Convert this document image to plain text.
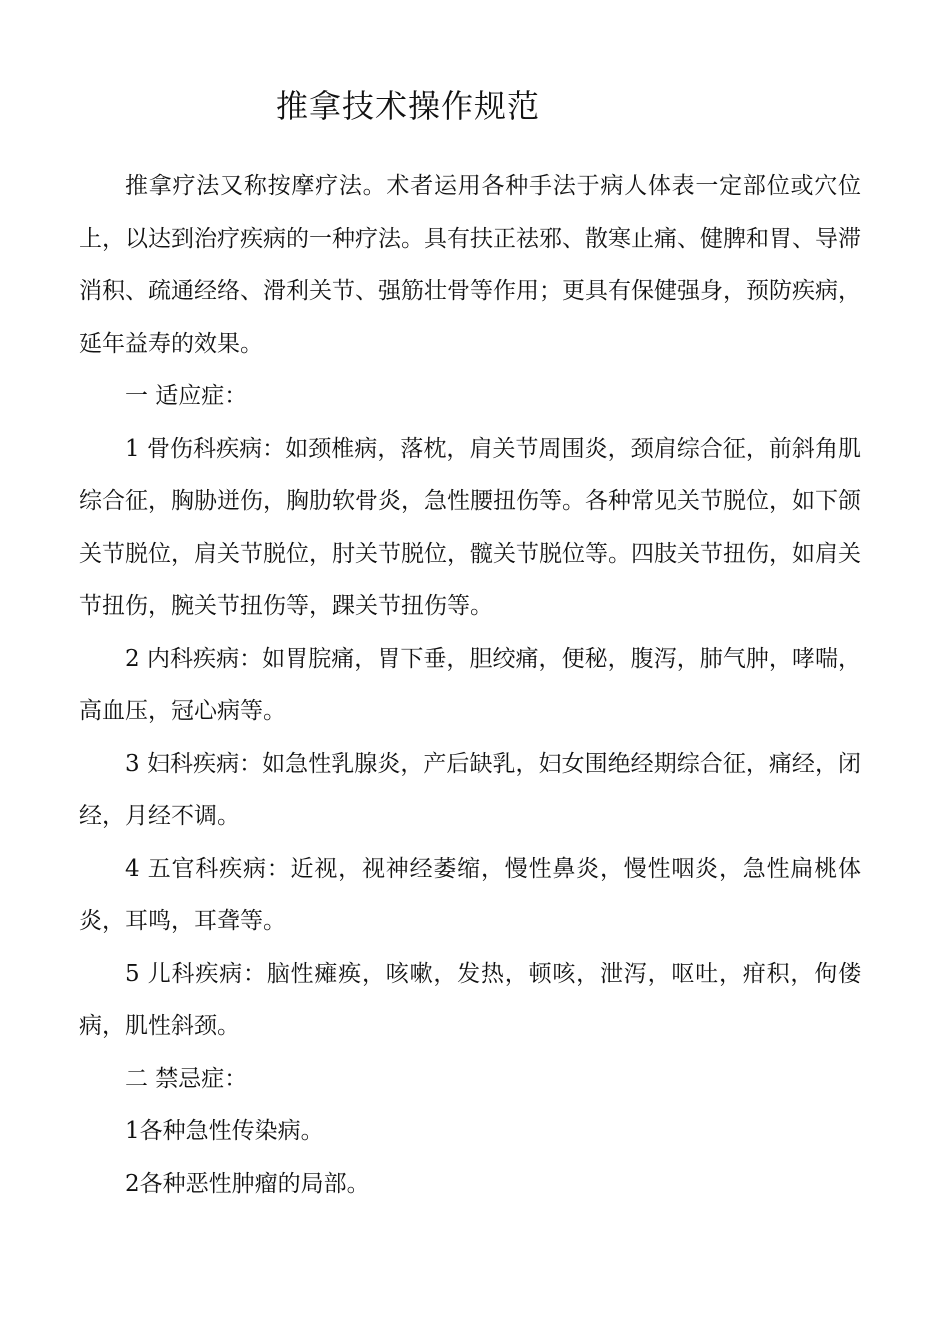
推拿技术操作规范

推拿疗法又称按摩疗法。术者运用各种手法于病人体表一定部位或穴位上，以达到治疗疾病的一种疗法。具有扶正祛邪、散寒止痛、健脾和胃、导滞消积、疏通经络、滑利关节、强筋壮骨等作用；更具有保健强身，预防疾病，延年益寿的效果。

一 适应症：

1 骨伤科疾病：如颈椎病，落枕，肩关节周围炎，颈肩综合征，前斜角肌综合征，胸胁迸伤，胸肋软骨炎，急性腰扭伤等。各种常见关节脱位，如下颌关节脱位，肩关节脱位，肘关节脱位，髋关节脱位等。四肢关节扭伤，如肩关节扭伤，腕关节扭伤等，踝关节扭伤等。

2 内科疾病：如胃脘痛，胃下垂，胆绞痛，便秘，腹泻，肺气肿，哮喘，高血压，冠心病等。

3 妇科疾病：如急性乳腺炎，产后缺乳，妇女围绝经期综合征，痛经，闭经，月经不调。

4 五官科疾病：近视，视神经萎缩，慢性鼻炎，慢性咽炎，急性扁桃体炎，耳鸣，耳聋等。

5 儿科疾病：脑性瘫痪，咳嗽，发热，顿咳，泄泻，呕吐，疳积，佝偻病，肌性斜颈。

二 禁忌症：

1各种急性传染病。

2各种恶性肿瘤的局部。
